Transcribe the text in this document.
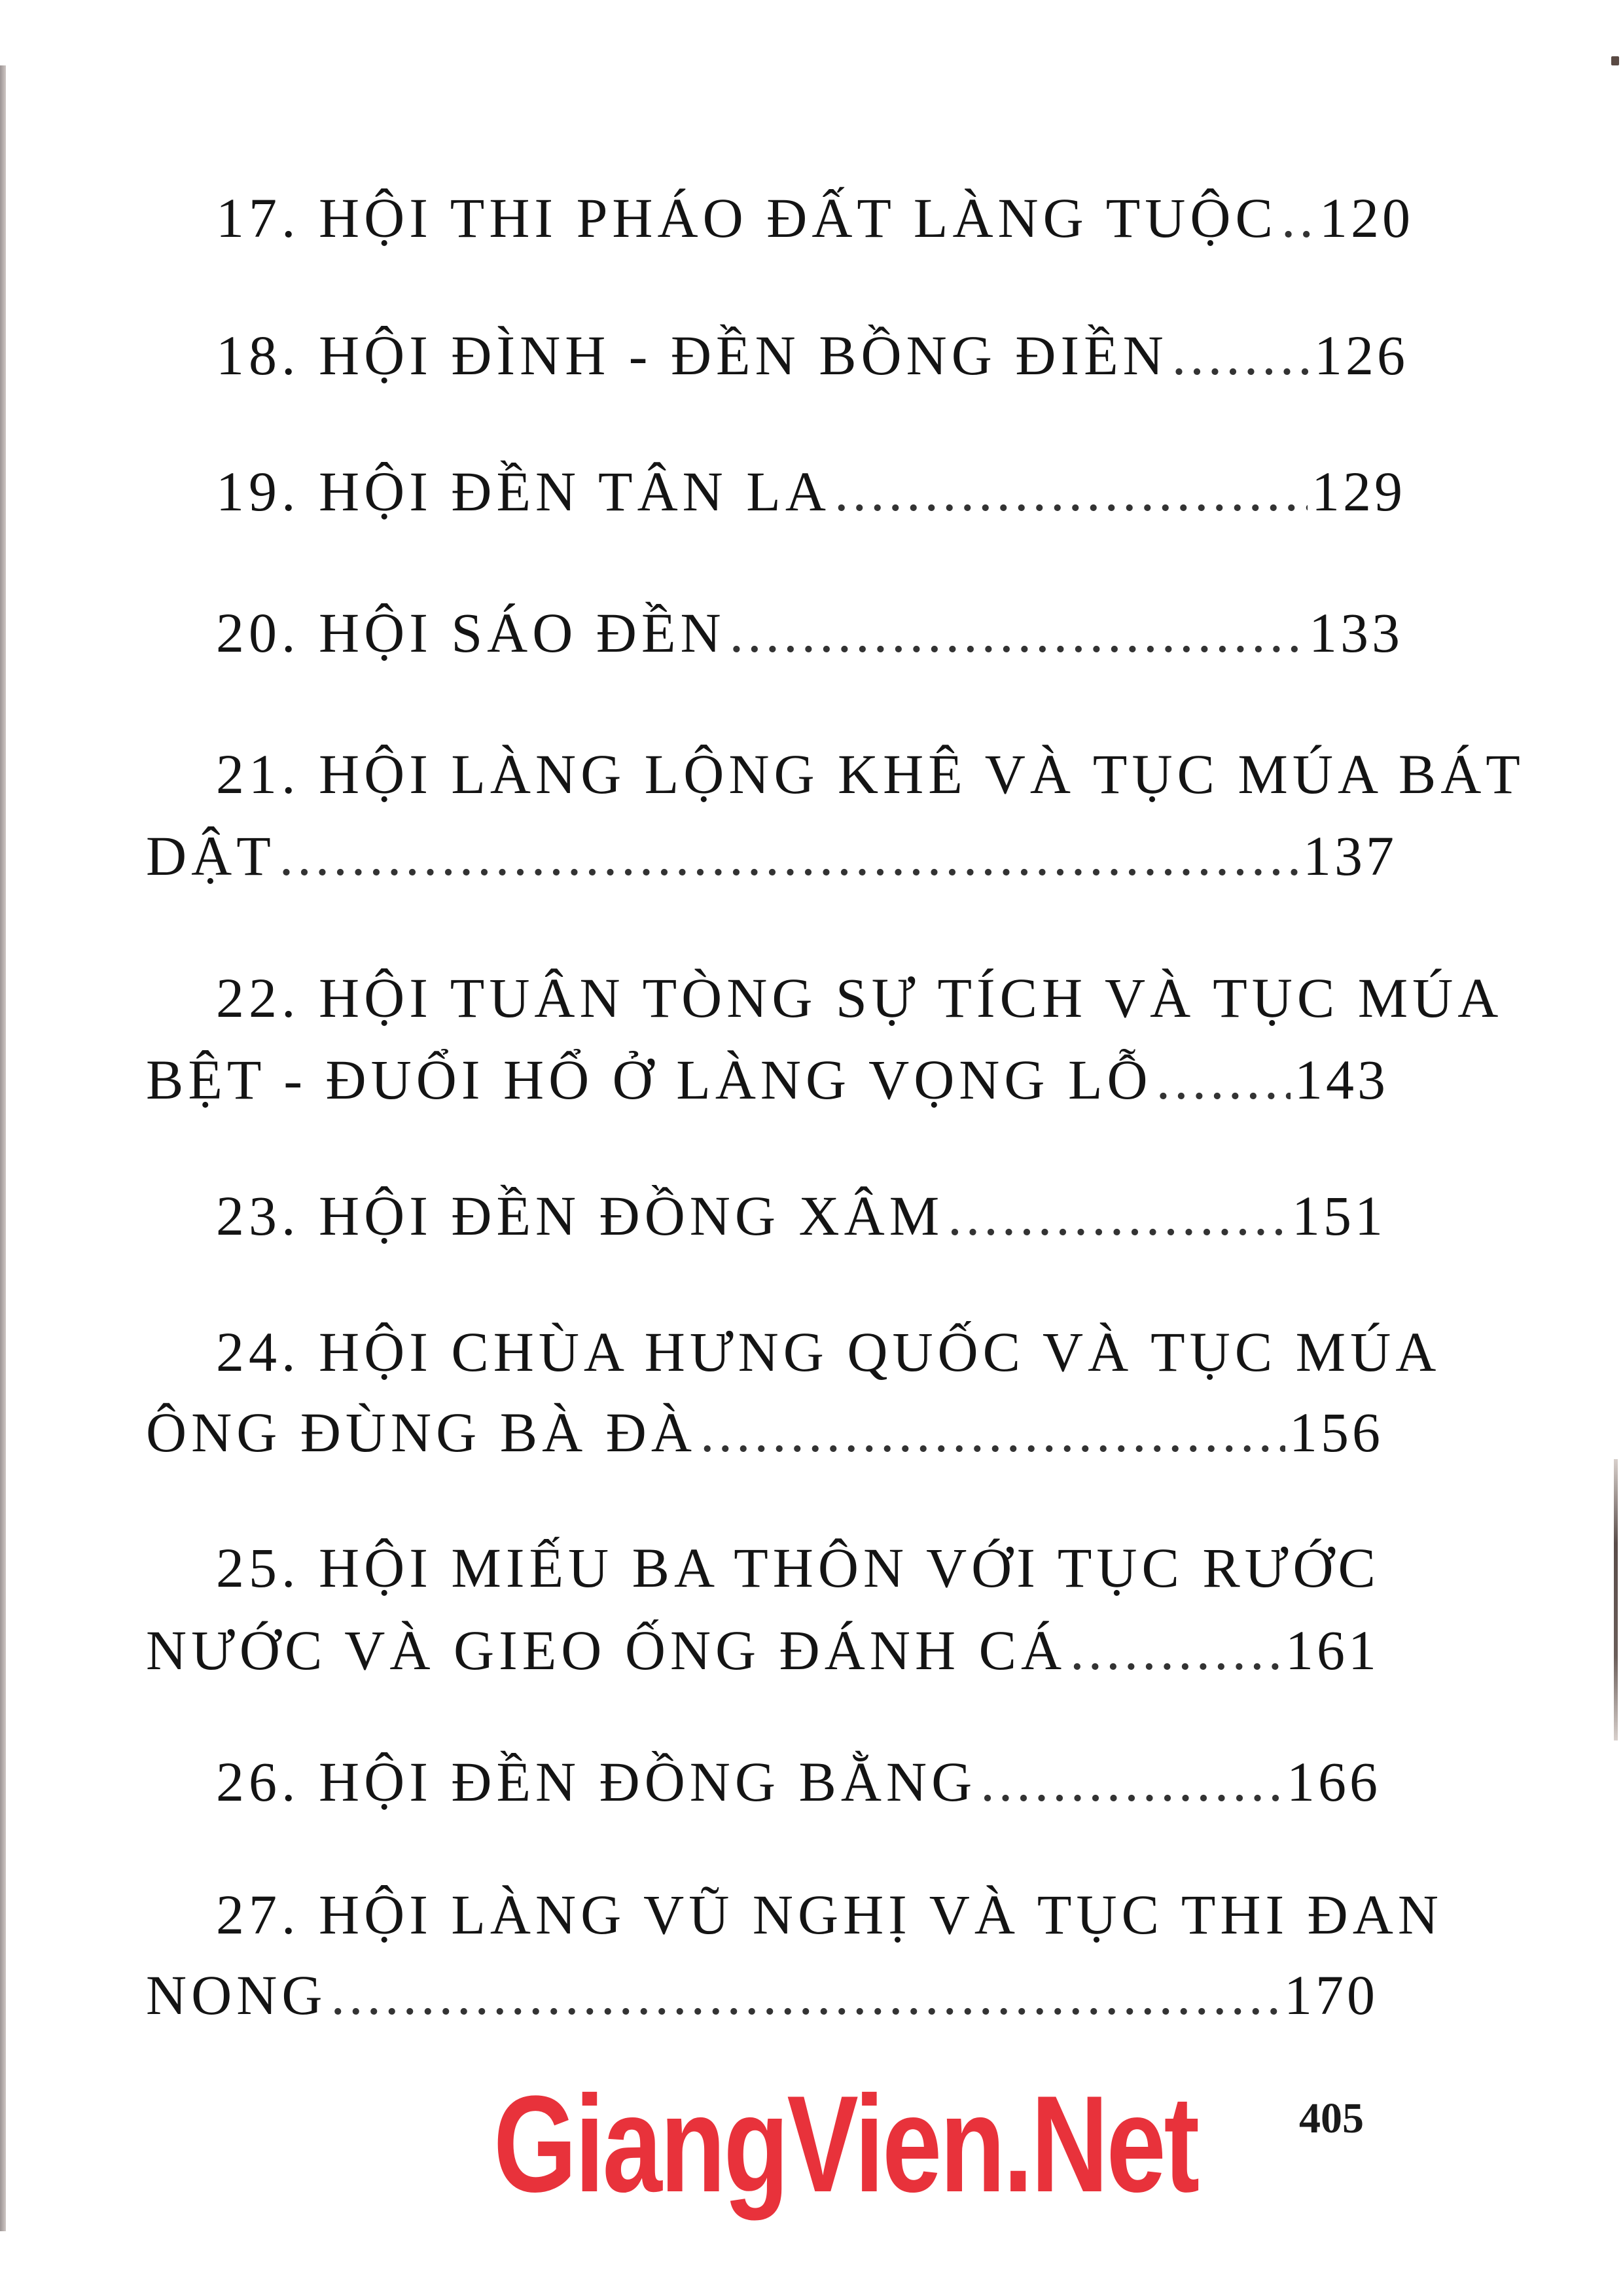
17. HỘI THI PHÁO ĐẤT LÀNG TUỘC ..... 120
18. HỘI ĐÌNH - ĐỀN BỒNG ĐIỀN .....	126
19. HỘI ĐỀN TÂN LA .....	129
20. HỘI SÁO ĐỀN .....	133
21. HỘI LÀNG LỘNG KHÊ VÀ TỤC MÚA BÁT
DẬT .....	137
22. HỘI TUÂN TÒNG SỰ TÍCH VÀ TỤC MÚA
BỆT - ĐUỔI HỔ Ở LÀNG VỌNG LỖ .....	143
23. HỘI ĐỀN ĐỒNG XÂM .....	151
24. HỘI CHÙA HƯNG QUỐC VÀ TỤC MÚA
ÔNG ĐÙNG BÀ ĐÀ .....	156
25. HỘI MIẾU BA THÔN VỚI TỤC RƯỚC
NƯỚC VÀ GIEO ỐNG ĐÁNH CÁ .....	161
26. HỘI ĐỀN ĐỒNG BẰNG .....	166
27. HỘI LÀNG VŨ NGHỊ VÀ TỤC THI ĐAN
NONG .....	170
GiangVien.Net 405
